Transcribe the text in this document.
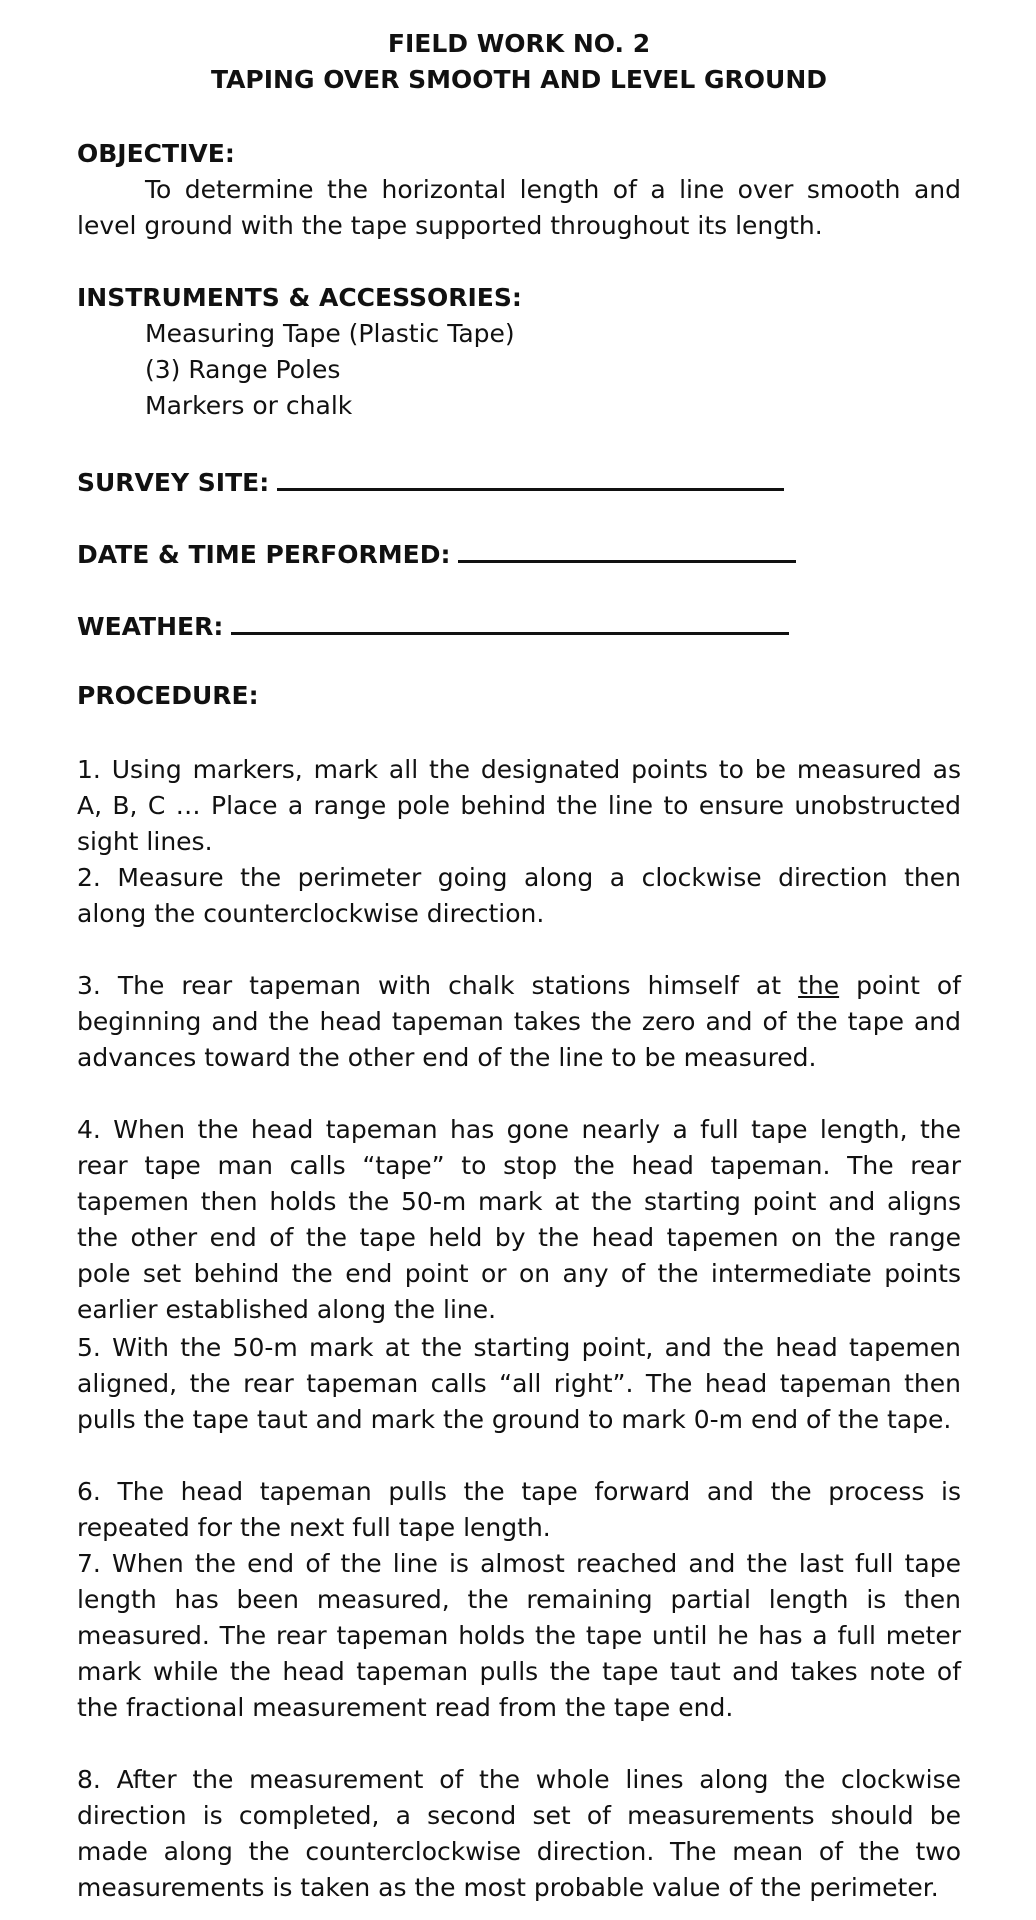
FIELD WORK NO. 2
TAPING OVER SMOOTH AND LEVEL GROUND
OBJECTIVE:
To determine the horizontal length of a line over smooth and level ground with the tape supported throughout its length.
INSTRUMENTS & ACCESSORIES:
Measuring Tape (Plastic Tape)
(3) Range Poles
Markers or chalk
SURVEY SITE:
DATE & TIME PERFORMED:
WEATHER:
PROCEDURE:
1. Using markers, mark all the designated points to be measured as A, B, C … Place a range pole behind the line to ensure unobstructed sight lines.
2. Measure the perimeter going along a clockwise direction then along the counterclockwise direction.
3. The rear tapeman with chalk stations himself at the point of beginning and the head tapeman takes the zero and of the tape and advances toward the other end of the line to be measured.
4. When the head tapeman has gone nearly a full tape length, the rear tape man calls “tape” to stop the head tapeman. The rear tapemen then holds the 50-m mark at the starting point and aligns the other end of the tape held by the head tapemen on the range pole set behind the end point or on any of the intermediate points earlier established along the line.
5. With the 50-m mark at the starting point, and the head tapemen aligned, the rear tapeman calls “all right”. The head tapeman then pulls the tape taut and mark the ground to mark 0-m end of the tape.
6. The head tapeman pulls the tape forward and the process is repeated for the next full tape length.
7. When the end of the line is almost reached and the last full tape length has been measured, the remaining partial length is then measured. The rear tapeman holds the tape until he has a full meter mark while the head tapeman pulls the tape taut and takes note of the fractional measurement read from the tape end.
8. After the measurement of the whole lines along the clockwise direction is completed, a second set of measurements should be made along the counterclockwise direction. The mean of the two measurements is taken as the most probable value of the perimeter.
